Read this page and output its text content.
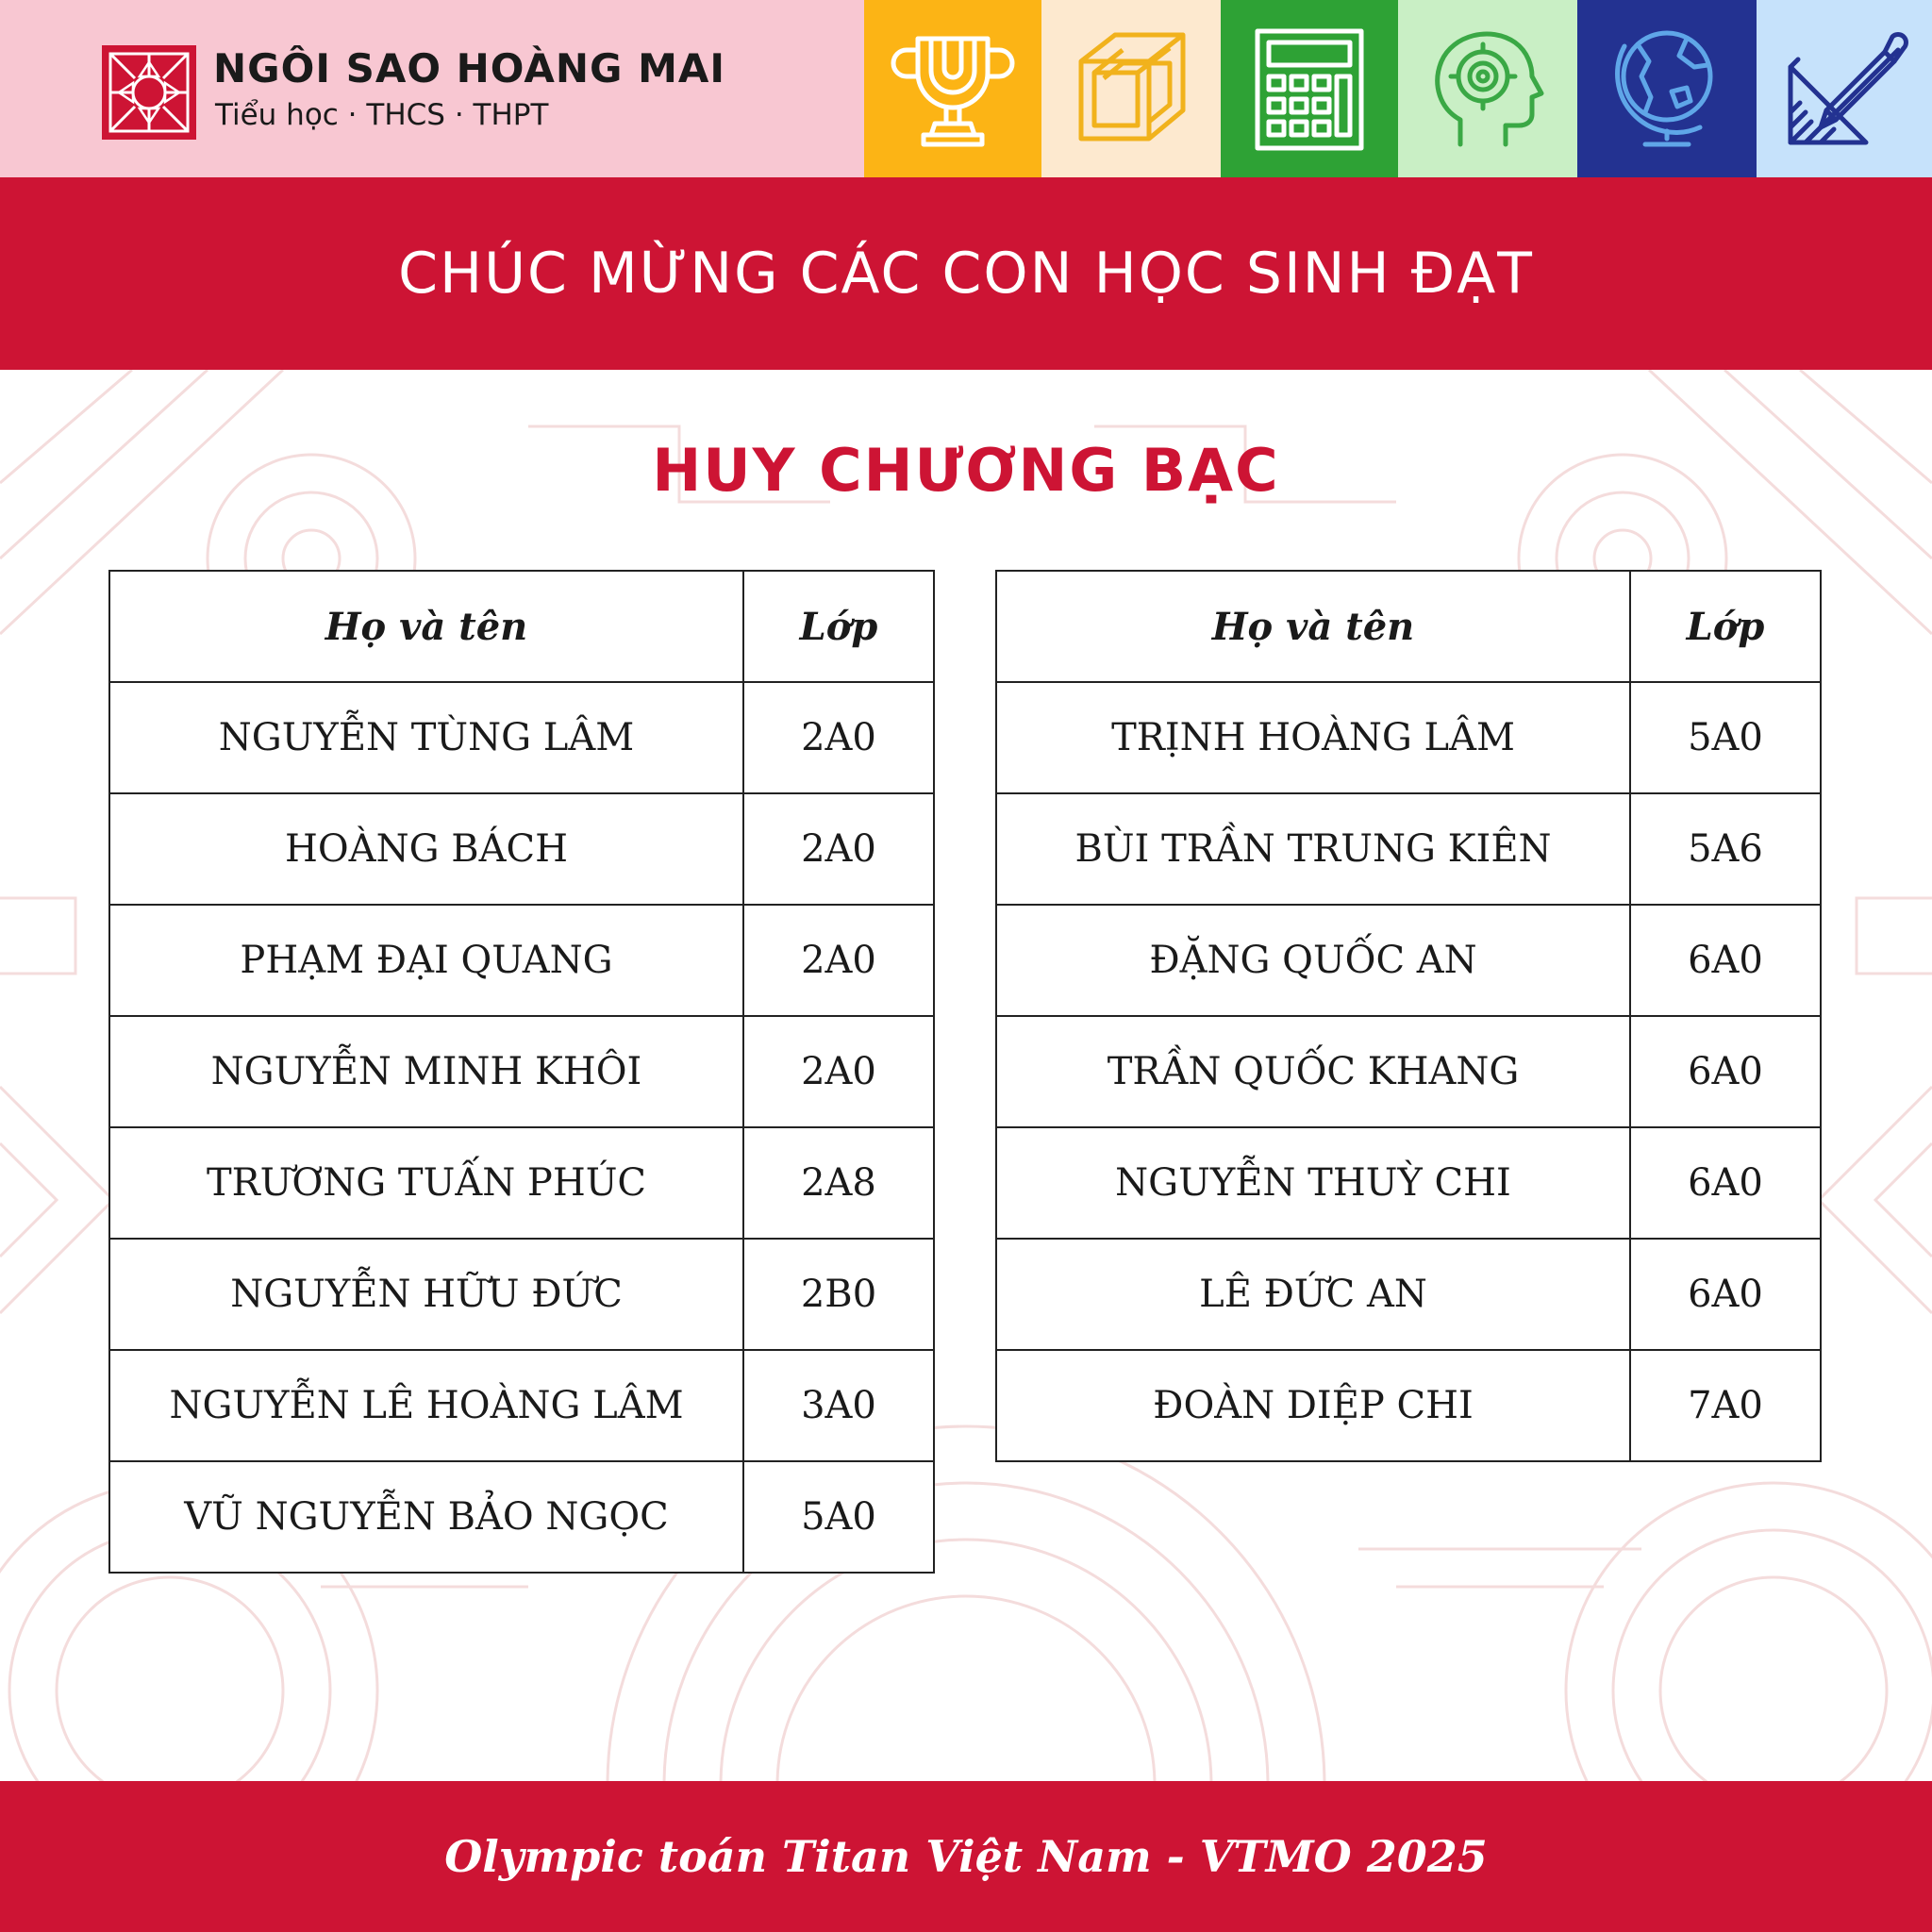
NGÔI SAO HOÀNG MAI
Tiểu học · THCS · THPT
CHÚC MỪNG CÁC CON HỌC SINH ĐẠT
HUY CHƯƠNG BẠC
Họ và tên	Lớp
NGUYỄN TÙNG LÂM	2A0
HOÀNG BÁCH	2A0
PHẠM ĐẠI QUANG	2A0
NGUYỄN MINH KHÔI	2A0
TRƯƠNG TUẤN PHÚC	2A8
NGUYỄN HỮU ĐỨC	2B0
NGUYỄN LÊ HOÀNG LÂM	3A0
VŨ NGUYỄN BẢO NGỌC	5A0
Họ và tên	Lớp
TRỊNH HOÀNG LÂM	5A0
BÙI TRẦN TRUNG KIÊN	5A6
ĐẶNG QUỐC AN	6A0
TRẦN QUỐC KHANG	6A0
NGUYỄN THUỲ CHI	6A0
LÊ ĐỨC AN	6A0
ĐOÀN DIỆP CHI	7A0
Olympic toán Titan Việt Nam - VTMO 2025
